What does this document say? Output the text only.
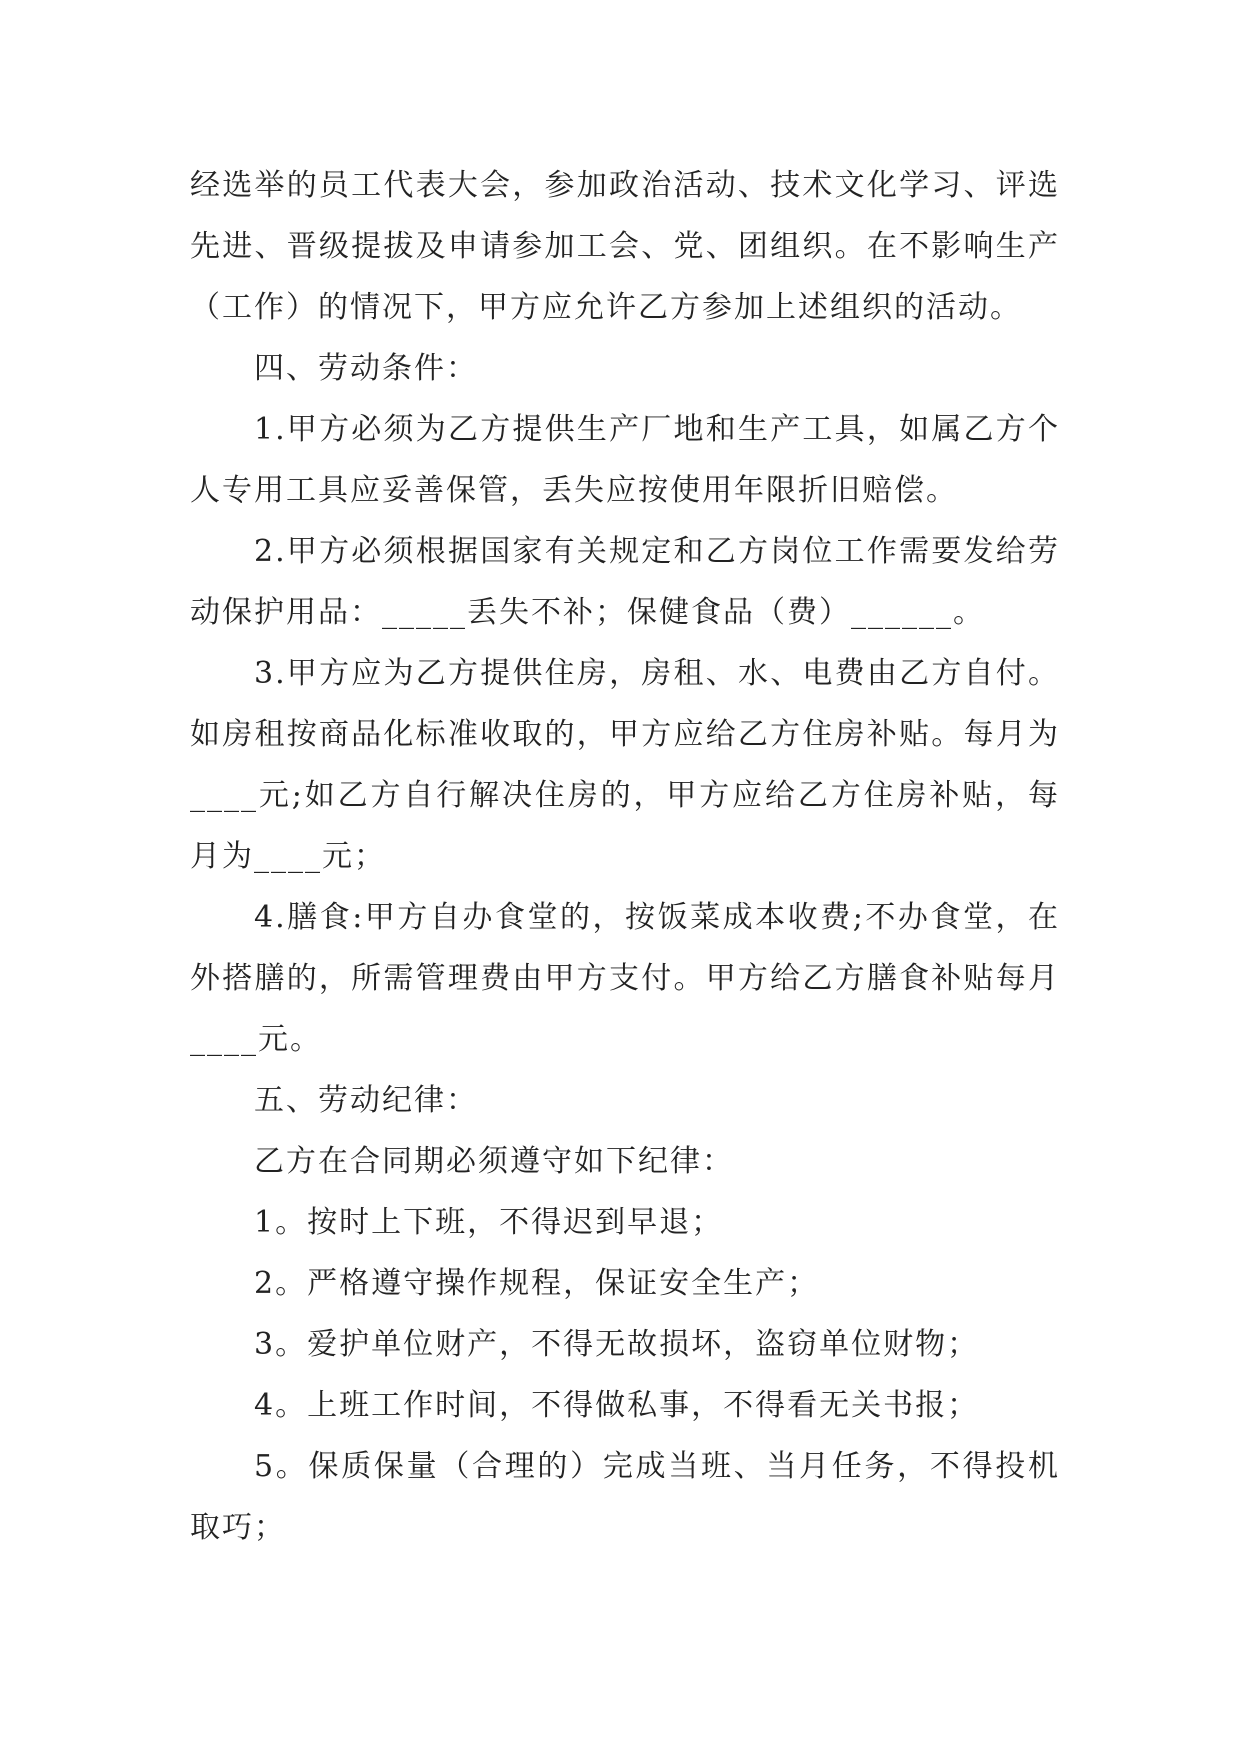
经选举的员工代表大会，参加政治活动、技术文化学习、评选先进、晋级提拔及申请参加工会、党、团组织。在不影响生产（工作）的情况下，甲方应允许乙方参加上述组织的活动。

四、劳动条件：

1.甲方必须为乙方提供生产厂地和生产工具，如属乙方个人专用工具应妥善保管，丢失应按使用年限折旧赔偿。

2.甲方必须根据国家有关规定和乙方岗位工作需要发给劳动保护用品：_____丢失不补；保健食品（费）______。

3.甲方应为乙方提供住房，房租、水、电费由乙方自付。如房租按商品化标准收取的，甲方应给乙方住房补贴。每月为____元;如乙方自行解决住房的，甲方应给乙方住房补贴，每月为____元；

4.膳食:甲方自办食堂的，按饭菜成本收费;不办食堂，在外搭膳的，所需管理费由甲方支付。甲方给乙方膳食补贴每月____元。

五、劳动纪律：

乙方在合同期必须遵守如下纪律：

1。按时上下班，不得迟到早退；

2。严格遵守操作规程，保证安全生产；

3。爱护单位财产，不得无故损坏，盗窃单位财物；

4。上班工作时间，不得做私事，不得看无关书报；

5。保质保量（合理的）完成当班、当月任务，不得投机取巧；
